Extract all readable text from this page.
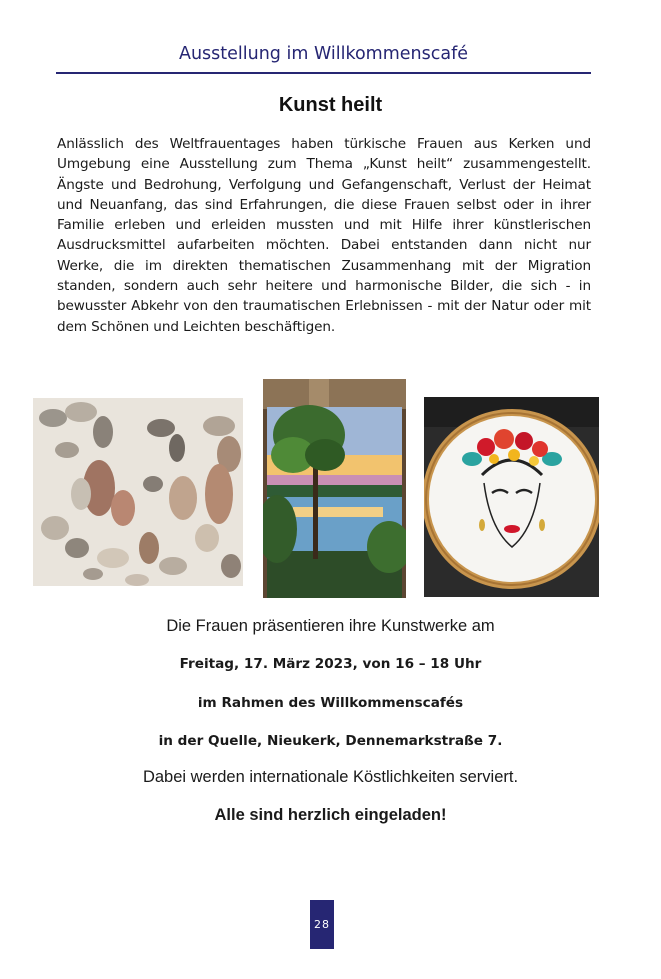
Ausstellung im Willkommenscafé
Kunst heilt
Anlässlich des Weltfrauentages haben türkische Frauen aus Kerken und Umgebung eine Ausstellung zum Thema „Kunst heilt“ zusammengestellt. Ängste und Bedrohung, Verfolgung und Gefangenschaft, Verlust der Heimat und Neuanfang, das sind Erfahrungen, die diese Frauen selbst oder in ihrer Familie erleben und erleiden mussten und mit Hilfe ihrer künstlerischen Ausdrucksmittel aufarbeiten möchten. Dabei entstanden dann nicht nur Werke, die im direkten thematischen Zusammenhang mit der Migration standen, sondern auch sehr heitere und harmonische Bilder, die sich - in bewusster Abkehr von den traumatischen Erlebnissen - mit der Natur oder mit dem Schönen und Leichten beschäftigen.
Die Frauen präsentieren ihre Kunstwerke am
Freitag, 17. März 2023, von 16 – 18 Uhr
im Rahmen des Willkommenscafés
in der Quelle, Nieukerk, Dennemarkstraße 7.
Dabei werden internationale Köstlichkeiten serviert.
Alle sind herzlich eingeladen!
28
